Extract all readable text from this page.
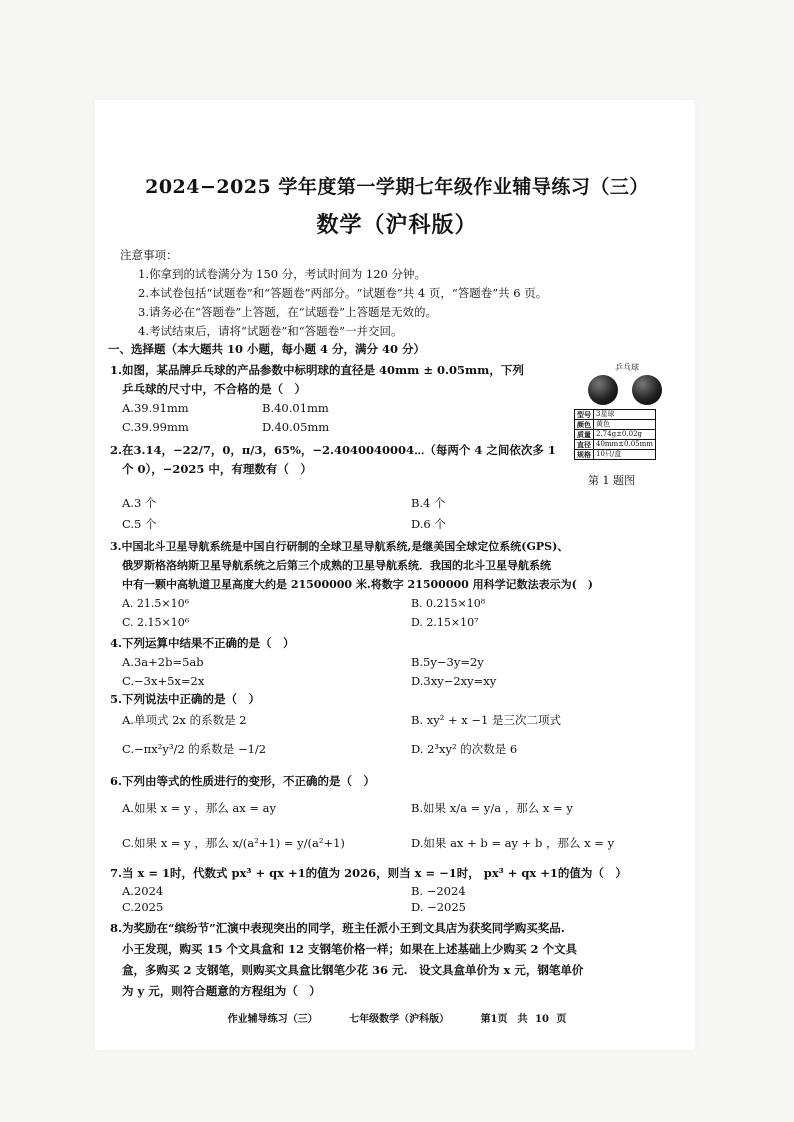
2024−2025 学年度第一学期七年级作业辅导练习（三）
数学（沪科版）
注意事项：
1.你拿到的试卷满分为 150 分，考试时间为 120 分钟。
2.本试卷包括“试题卷”和“答题卷”两部分。“试题卷”共 4 页，“答题卷”共 6 页。
3.请务必在“答题卷”上答题，在“试题卷”上答题是无效的。
4.考试结束后，请将“试题卷”和“答题卷”一并交回。
一、选择题（本大题共 10 小题，每小题 4 分，满分 40 分）
1.如图，某品牌乒乓球的产品参数中标明球的直径是 40mm ± 0.05mm，下列
乒乓球的尺寸中，不合格的是（　）
A.39.91mm	B.40.01mm
C.39.99mm	D.40.05mm
乒乓球
型号	3星球
颜色	黄色
质量	2.74g±0.02g
直径	40mm±0.05mm
规格	10只/盒
第 1 题图
2.在3.14，−22/7，0，π/3，65%，−2.4040040004⋯（每两个 4 之间依次多 1
个 0），−2025 中，有理数有（　）
A.3 个	B.4 个
C.5 个	D.6 个
3.中国北斗卫星导航系统是中国自行研制的全球卫星导航系统,是继美国全球定位系统(GPS)、
俄罗斯格洛纳斯卫星导航系统之后第三个成熟的卫星导航系统．我国的北斗卫星导航系统
中有一颗中高轨道卫星高度大约是 21500000 米.将数字 21500000 用科学记数法表示为(　)
A. 21.5×10⁶	B. 0.215×10⁸
C. 2.15×10⁶	D. 2.15×10⁷
4.下列运算中结果不正确的是（　）
A.3a+2b=5ab	B.5y−3y=2y
C.−3x+5x=2x	D.3xy−2xy=xy
5.下列说法中正确的是（　）
A.单项式 2x 的系数是 2	B. xy² + x −1 是三次二项式
C.−πx²y³/2 的系数是 −1/2	D. 2³xy² 的次数是 6
6.下列由等式的性质进行的变形，不正确的是（　）
A.如果 x = y ，那么 ax = ay	B.如果 x/a = y/a ，那么 x = y
C.如果 x = y ，那么 x/(a²+1) = y/(a²+1)	D.如果 ax + b = ay + b ，那么 x = y
7.当 x = 1时，代数式 px³ + qx +1的值为 2026，则当 x = −1时， px³ + qx +1的值为（　）
A.2024	B. −2024
C.2025	D. −2025
8.为奖励在“缤纷节”汇演中表现突出的同学，班主任派小王到文具店为获奖同学购买奖品.
小王发现，购买 15 个文具盒和 12 支钢笔价格一样；如果在上述基础上少购买 2 个文具
盒，多购买 2 支钢笔，则购买文具盒比钢笔少花 36 元.　设文具盒单价为 x 元，钢笔单价
为 y 元，则符合题意的方程组为（　）
作业辅导练习（三）	七年级数学（沪科版）	第1页　共 10 页
